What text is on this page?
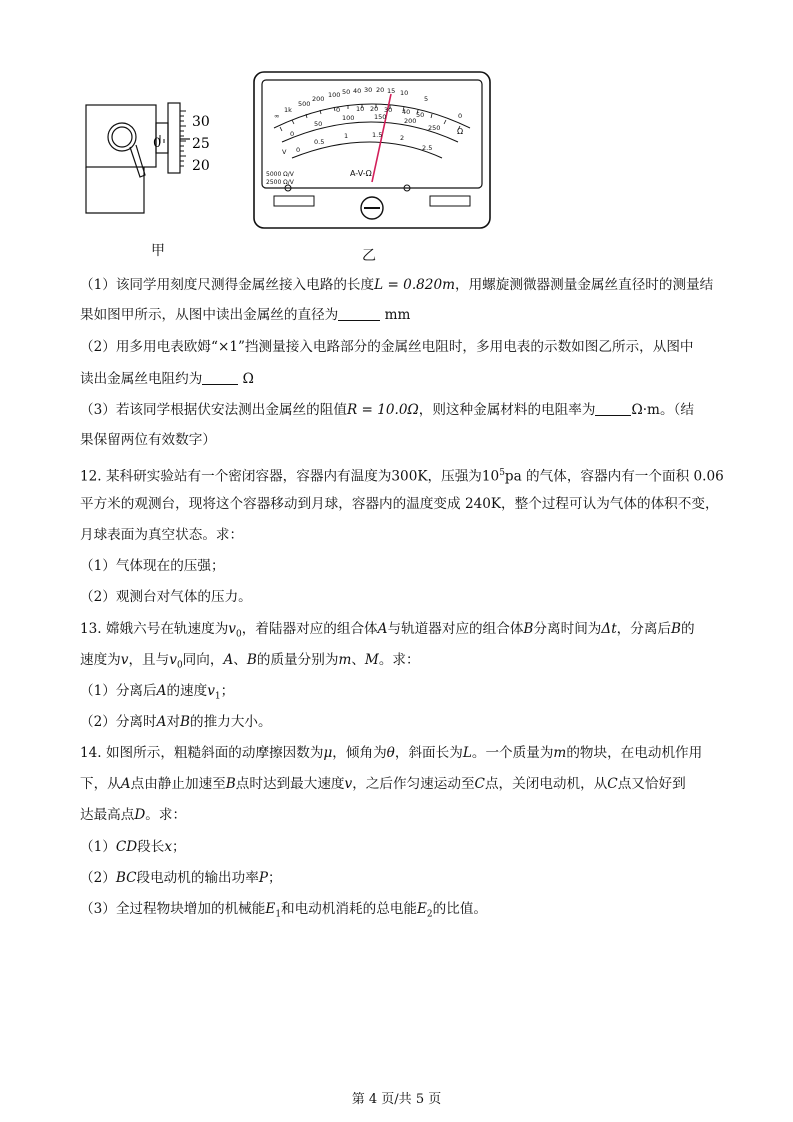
30
25
20
0
甲
∞
1k
500
200 100 50 40 30 20 15 10
5
0
Ω
0
50
100	150	200
250
0
0.5
1	1.5	2
2.5
0 10 20 30 40 50
V
A-V-Ω
5000 Ω/V
2500 Ω/V
乙
（1）该同学用刻度尺测得金属丝接入电路的长度L = 0.820m，用螺旋测微器测量金属丝直径时的测量结
果如图甲所示，从图中读出金属丝的直径为	mm
（2）用多用电表欧姆“×1”挡测量接入电路部分的金属丝电阻时，多用电表的示数如图乙所示，从图中
读出金属丝电阻约为	Ω
（3）若该同学根据伏安法测出金属丝的阻值R = 10.0Ω，则这种金属材料的电阻率为	Ω·m。（结
果保留两位有效数字）
12. 某科研实验站有一个密闭容器，容器内有温度为300K，压强为$10^5pa$ 的气体，容器内有一个面积 0.06
平方米的观测台，现将这个容器移动到月球，容器内的温度变成 240K，整个过程可认为气体的体积不变，
月球表面为真空状态。求：
（1）气体现在的压强；
（2）观测台对气体的压力。
13. 嫦娥六号在轨速度为$v_0$，着陆器对应的组合体A与轨道器对应的组合体B分离时间为Δt，分离后B的
速度为v，且与$v_0$同向，A、B的质量分别为m、M。求：
（1）分离后A的速度$v_1$；
（2）分离时A对B的推力大小。
14. 如图所示，粗糙斜面的动摩擦因数为μ，倾角为θ，斜面长为L。一个质量为m的物块，在电动机作用
下，从A点由静止加速至B点时达到最大速度v，之后作匀速运动至C点，关闭电动机，从C点又恰好到
达最高点D。求：
（1）CD段长x；
（2）BC段电动机的输出功率P；
（3）全过程物块增加的机械能$E_1$和电动机消耗的总电能$E_2$的比值。
第 4 页/共 5 页
